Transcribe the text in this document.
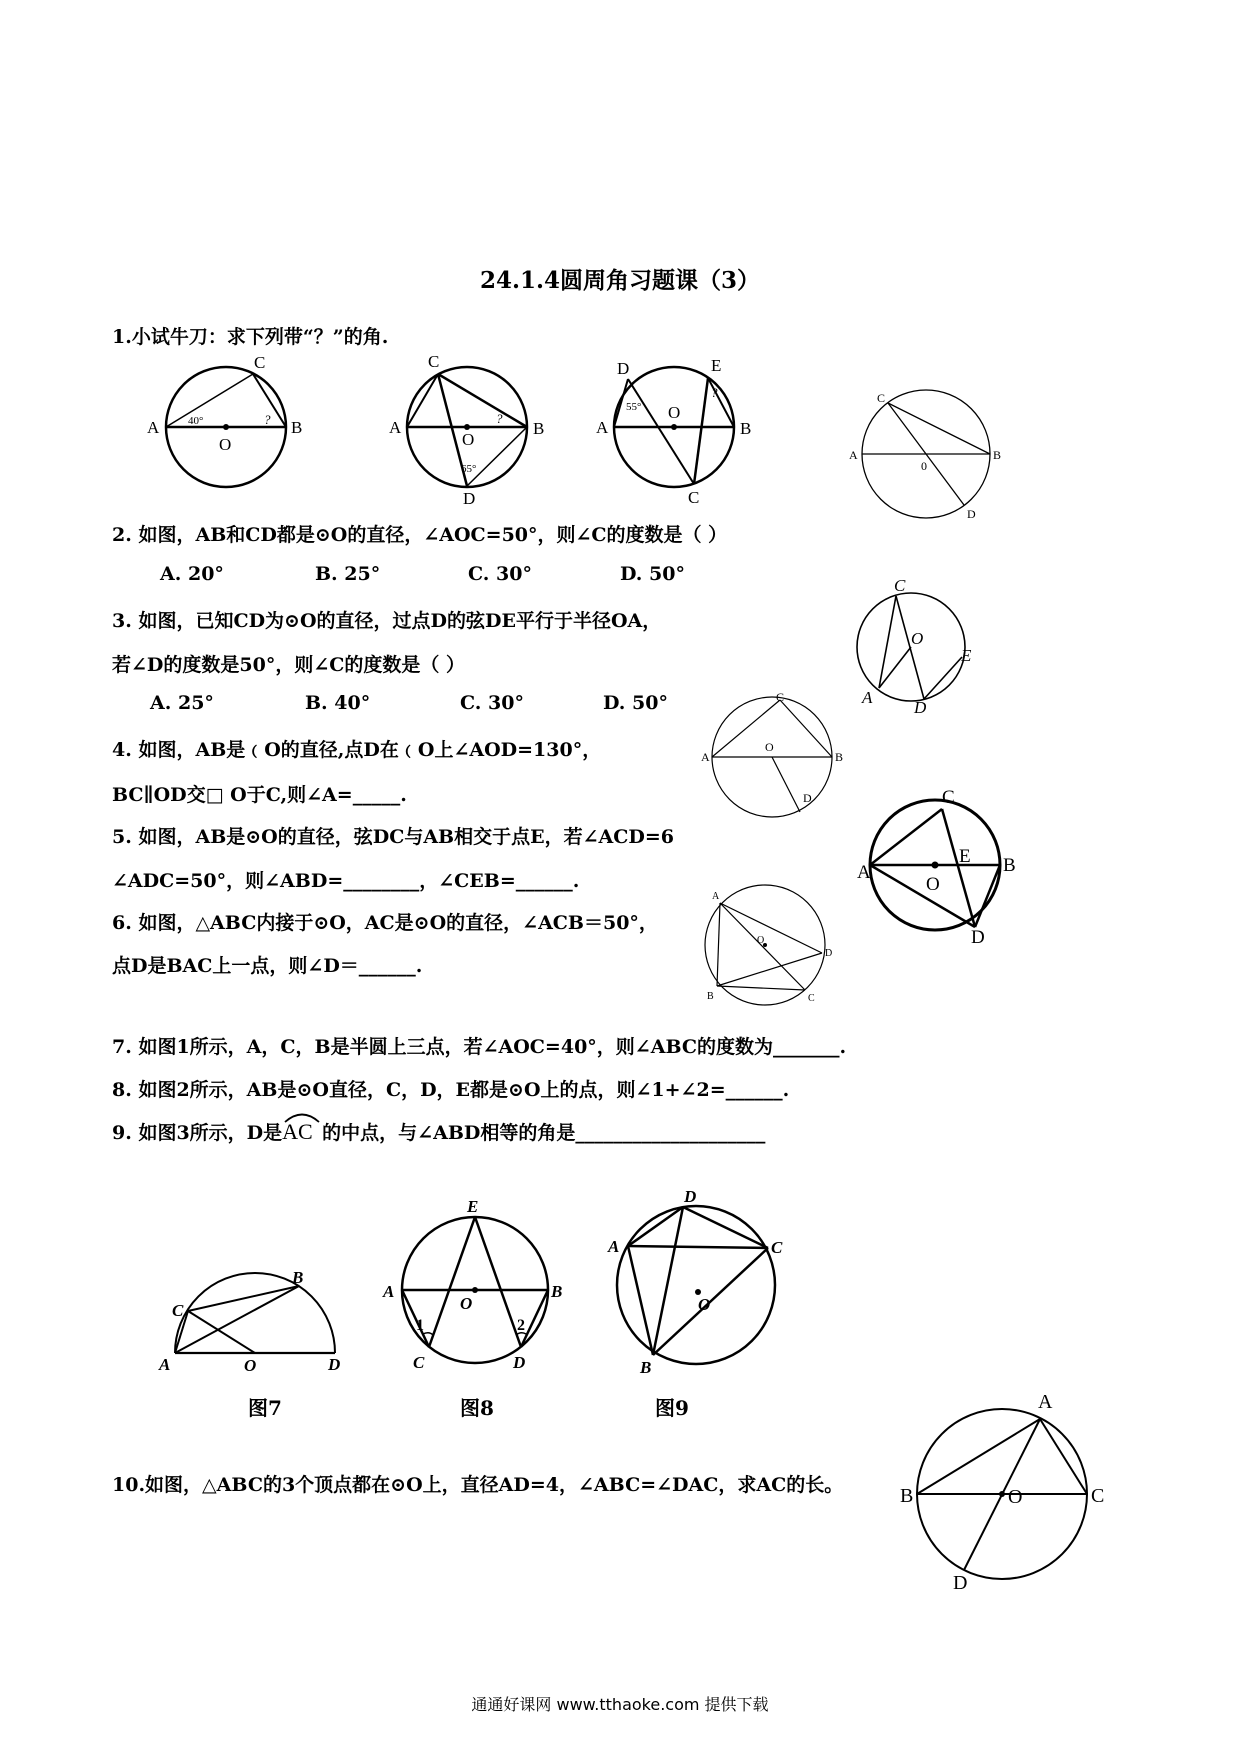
24.1.4圆周角习题课（3）
1.小试牛刀：求下列带“？”的角.
C
A	B
O
40°	?
C
A	B
D
O
65°
?
D	E
A	B
C
O
55°
?	C
A	B
D
0
2. 如图，AB和CD都是⊙O的直径，∠AOC=50°，则∠C的度数是（ ）
A. 20°	B. 25°	C. 30°	D. 50°
3. 如图，已知CD为⊙O的直径，过点D的弦DE平行于半径OA，
若∠D的度数是50°，则∠C的度数是（ ）
A. 25°	B. 40°	C. 30°	D. 50°
C
O
E
A
D
4. 如图，AB是﹙O的直径,点D在﹙O上∠AOD=130°，
BC∥OD交□ O于C,则∠A=_____.
C
O
A	B
D
5. 如图，AB是⊙O的直径，弦DC与AB相交于点E，若∠ACD=6
∠ADC=50°，则∠ABD=________，∠CEB=______.
C
A	B
E
O
D
6. 如图，△ABC内接于⊙O，AC是⊙O的直径，∠ACB＝50°，
点D是BAC上一点，则∠D＝______.
A
O
D
B	C
7. 如图1所示，A，C，B是半圆上三点，若∠AOC=40°，则∠ABC的度数为_______.
8. 如图2所示，AB是⊙O直径，C，D，E都是⊙O上的点，则∠1+∠2=______.
9. 如图3所示，D是
AC 的中点，与∠ABD相等的角是____________________
B
C
A	O	D
E
A	B
O
1	2
C	D
D
A	C
O
B
图7	图8	图9
10.如图，△ABC的3个顶点都在⊙O上，直径AD=4，∠ABC=∠DAC，求AC的长。
A
O
B	C
D
通通好课网 www.tthaoke.com 提供下载
